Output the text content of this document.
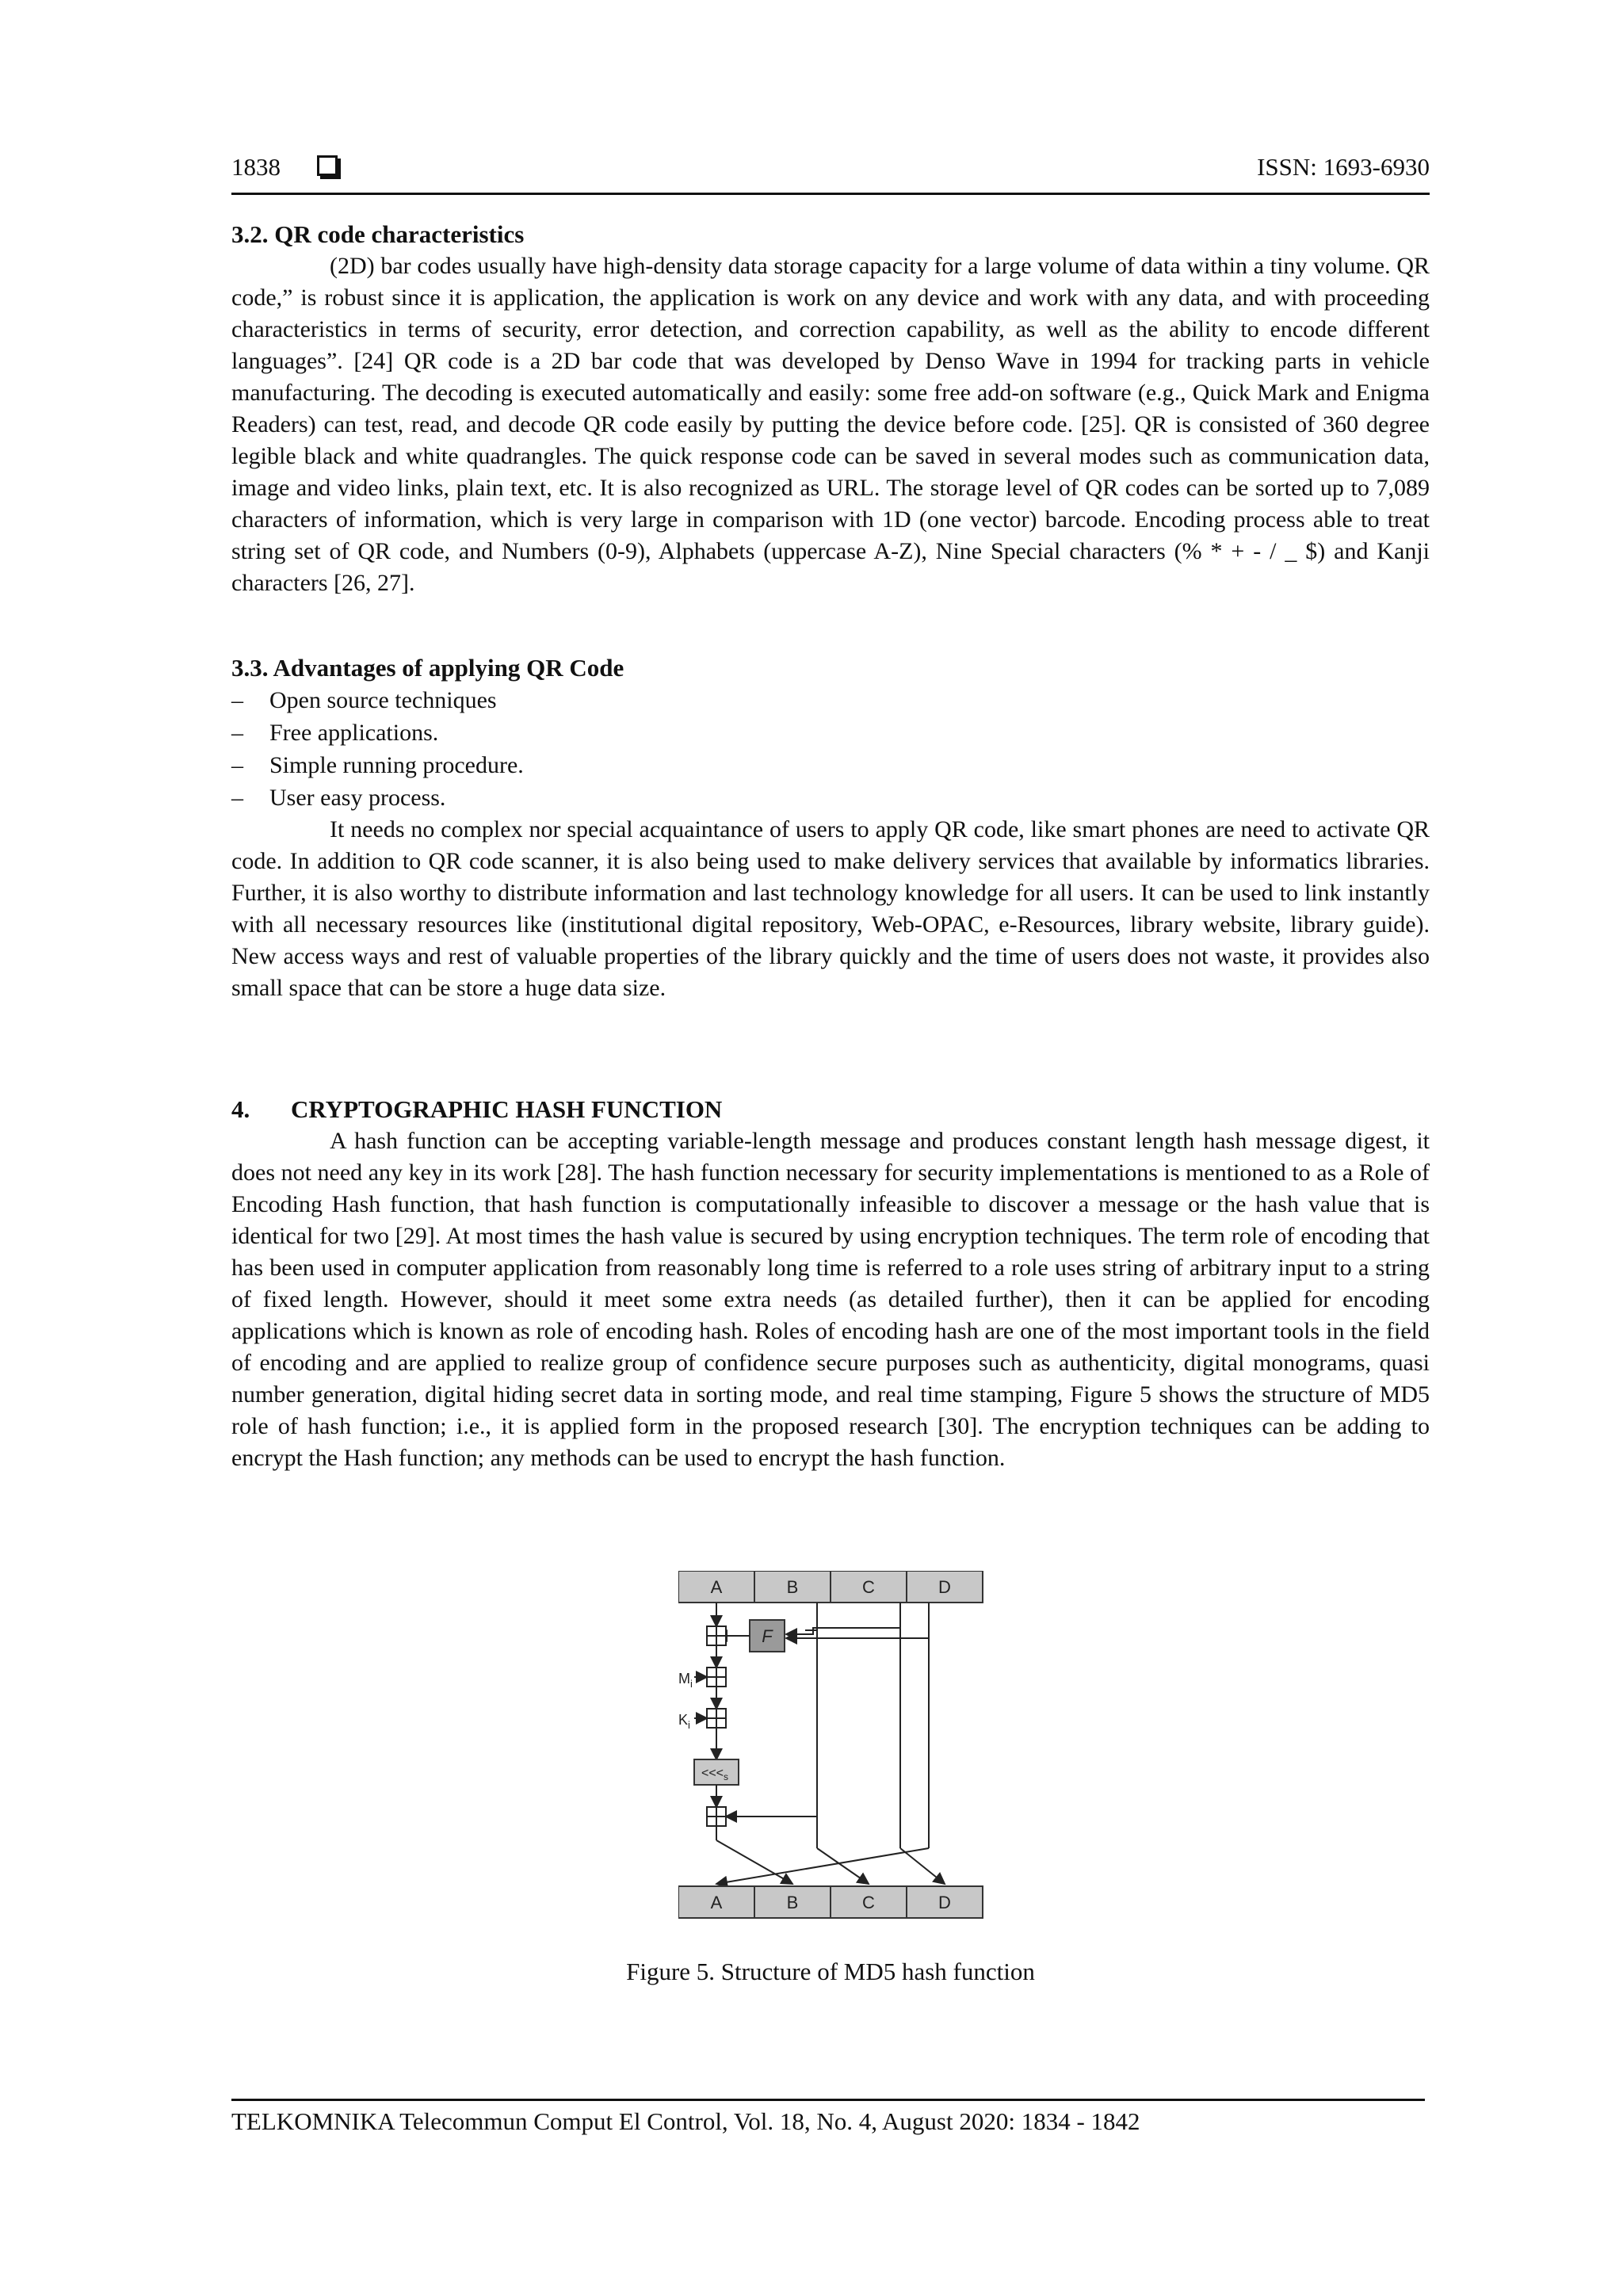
1838	ISSN: 1693-6930
3.2. QR code characteristics

(2D) bar codes usually have high-density data storage capacity for a large volume of data within a tiny volume. QR code,” is robust since it is application, the application is work on any device and work with any data, and with proceeding characteristics in terms of security, error detection, and correction capability, as well as the ability to encode different languages”. [24] QR code is a 2D bar code that was developed by Denso Wave in 1994 for tracking parts in vehicle manufacturing. The decoding is executed automatically and easily: some free add-on software (e.g., Quick Mark and Enigma Readers) can test, read, and decode QR code easily by putting the device before code. [25]. QR is consisted of 360 degree legible black and white quadrangles. The quick response code can be saved in several modes such as communication data, image and video links, plain text, etc. It is also recognized as URL. The storage level of QR codes can be sorted up to 7,089 characters of information, which is very large in comparison with 1D (one vector) barcode. Encoding process able to treat string set of QR code, and Numbers (0-9), Alphabets (uppercase A-Z), Nine Special characters (% * + - / _ $) and Kanji characters [26, 27].

3.3. Advantages of applying QR Code
– Open source techniques
– Free applications.
– Simple running procedure.
– User easy process.

It needs no complex nor special acquaintance of users to apply QR code, like smart phones are need to activate QR code. In addition to QR code scanner, it is also being used to make delivery services that available by informatics libraries. Further, it is also worthy to distribute information and last technology knowledge for all users. It can be used to link instantly with all necessary resources like (institutional digital repository, Web-OPAC, e-Resources, library website, library guide). New access ways and rest of valuable properties of the library quickly and the time of users does not waste, it provides also small space that can be store a huge data size.

4. CRYPTOGRAPHIC HASH FUNCTION

A hash function can be accepting variable-length message and produces constant length hash message digest, it does not need any key in its work [28]. The hash function necessary for security implementations is mentioned to as a Role of Encoding Hash function, that hash function is computationally infeasible to discover a message or the hash value that is identical for two [29]. At most times the hash value is secured by using encryption techniques. The term role of encoding that has been used in computer application from reasonably long time is referred to a role uses string of arbitrary input to a string of fixed length. However, should it meet some extra needs (as detailed further), then it can be applied for encoding applications which is known as role of encoding hash. Roles of encoding hash are one of the most important tools in the field of encoding and are applied to realize group of confidence secure purposes such as authenticity, digital monograms, quasi number generation, digital hiding secret data in sorting mode, and real time stamping, Figure 5 shows the structure of MD5 role of hash function; i.e., it is applied form in the proposed research [30]. The encryption techniques can be adding to encrypt the Hash function; any methods can be used to encrypt the hash function.

A	B	C	D
F
$M_i$
$K_i$
$<<<_s$
A	B	C	D
Figure 5. Structure of MD5 hash function
TELKOMNIKA Telecommun Comput El Control, Vol. 18, No. 4, August 2020: 1834 - 1842
